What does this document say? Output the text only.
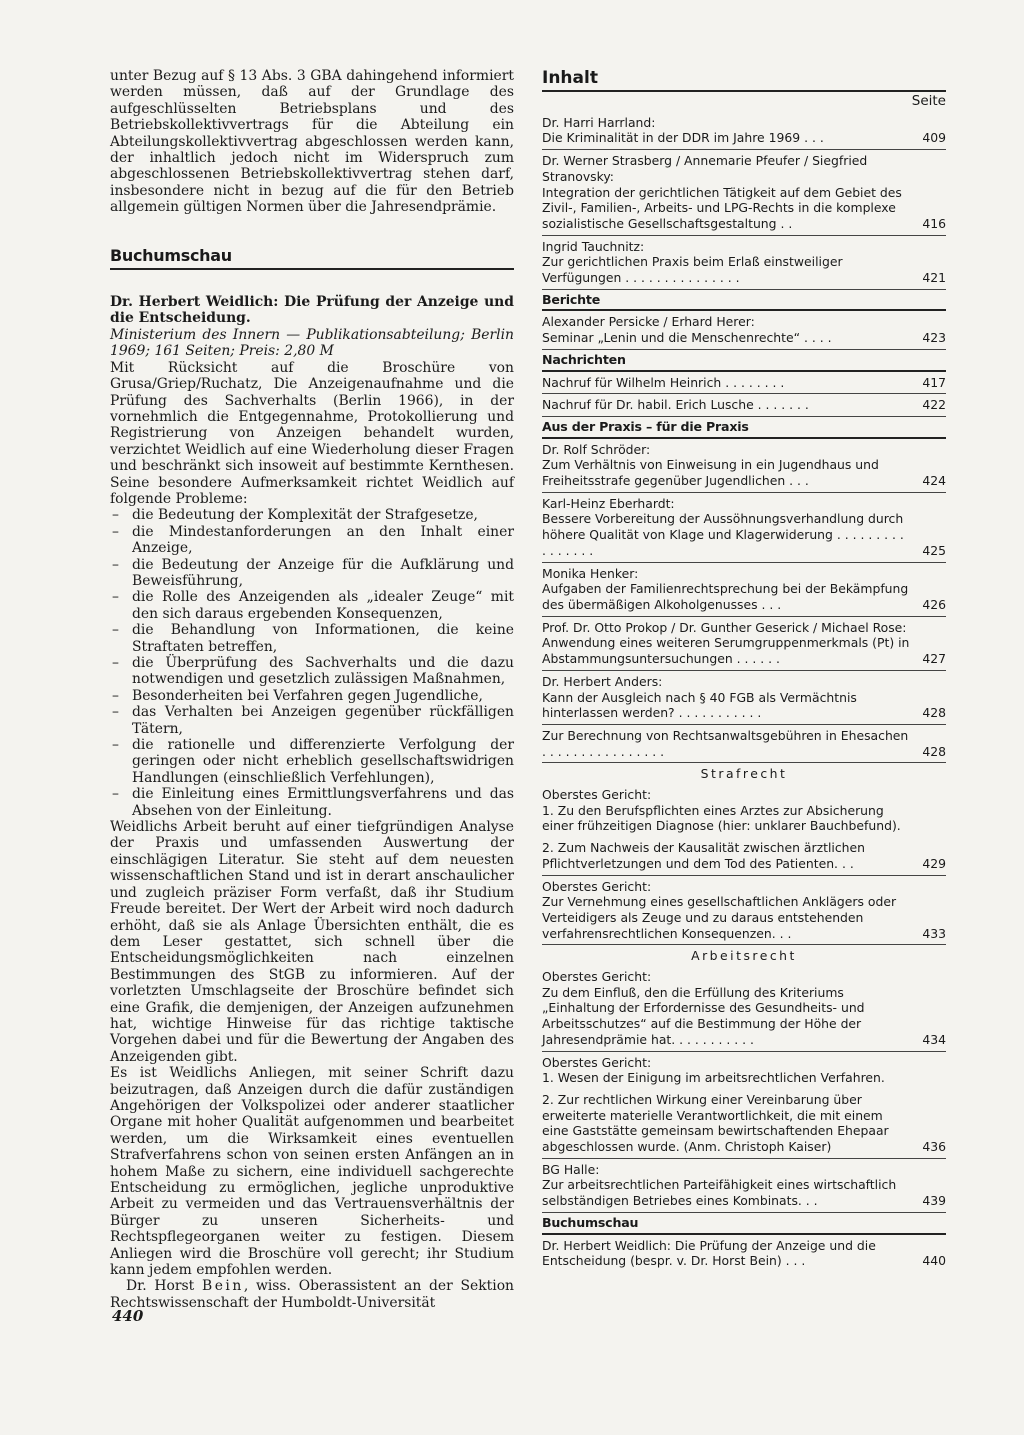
unter Bezug auf § 13 Abs. 3 GBA dahingehend informiert werden müssen, daß auf der Grundlage des aufgeschlüsselten Betriebsplans und des Betriebskollektivvertrags für die Abteilung ein Abteilungskollektivvertrag abgeschlossen werden kann, der inhaltlich jedoch nicht im Widerspruch zum abgeschlossenen Betriebskollektivvertrag stehen darf, insbesondere nicht in bezug auf die für den Betrieb allgemein gültigen Normen über die Jahresendprämie.

Buchumschau

Dr. Herbert Weidlich: Die Prüfung der Anzeige und die Entscheidung.

Ministerium des Innern — Publikationsabteilung; Berlin 1969; 161 Seiten; Preis: 2,80 M

Mit Rücksicht auf die Broschüre von Grusa/Griep/Ruchatz, Die Anzeigenaufnahme und die Prüfung des Sachverhalts (Berlin 1966), in der vornehmlich die Entgegennahme, Protokollierung und Registrierung von Anzeigen behandelt wurden, verzichtet Weidlich auf eine Wiederholung dieser Fragen und beschränkt sich insoweit auf bestimmte Kernthesen. Seine besondere Aufmerksamkeit richtet Weidlich auf folgende Probleme:

– die Bedeutung der Komplexität der Strafgesetze,
– die Mindestanforderungen an den Inhalt einer Anzeige,
– die Bedeutung der Anzeige für die Aufklärung und Beweisführung,
– die Rolle des Anzeigenden als „idealer Zeuge“ mit den sich daraus ergebenden Konsequenzen,
– die Behandlung von Informationen, die keine Straftaten betreffen,
– die Überprüfung des Sachverhalts und die dazu notwendigen und gesetzlich zulässigen Maßnahmen,
– Besonderheiten bei Verfahren gegen Jugendliche,
– das Verhalten bei Anzeigen gegenüber rückfälligen Tätern,
– die rationelle und differenzierte Verfolgung der geringen oder nicht erheblich gesellschaftswidrigen Handlungen (einschließlich Verfehlungen),
– die Einleitung eines Ermittlungsverfahrens und das Absehen von der Einleitung.

Weidlichs Arbeit beruht auf einer tiefgründigen Analyse der Praxis und umfassenden Auswertung der einschlägigen Literatur. Sie steht auf dem neuesten wissenschaftlichen Stand und ist in derart anschaulicher und zugleich präziser Form verfaßt, daß ihr Studium Freude bereitet. Der Wert der Arbeit wird noch dadurch erhöht, daß sie als Anlage Übersichten enthält, die es dem Leser gestattet, sich schnell über die Entscheidungsmöglichkeiten nach einzelnen Bestimmungen des StGB zu informieren. Auf der vorletzten Umschlagseite der Broschüre befindet sich eine Grafik, die demjenigen, der Anzeigen aufzunehmen hat, wichtige Hinweise für das richtige taktische Vorgehen dabei und für die Bewertung der Angaben des Anzeigenden gibt.

Es ist Weidlichs Anliegen, mit seiner Schrift dazu beizutragen, daß Anzeigen durch die dafür zuständigen Angehörigen der Volkspolizei oder anderer staatlicher Organe mit hoher Qualität aufgenommen und bearbeitet werden, um die Wirksamkeit eines eventuellen Strafverfahrens schon von seinen ersten Anfängen an in hohem Maße zu sichern, eine individuell sachgerechte Entscheidung zu ermöglichen, jegliche unproduktive Arbeit zu vermeiden und das Vertrauensverhältnis der Bürger zu unseren Sicherheits- und Rechtspflegeorganen weiter zu festigen. Diesem Anliegen wird die Broschüre voll gerecht; ihr Studium kann jedem empfohlen werden.

Dr. Horst Bein, wiss. Oberassistent an der Sektion Rechtswissenschaft der Humboldt-Universität

440
Inhalt
Seite
Dr. Harri Harrland:
Die Kriminalität in der DDR im Jahre 1969 . . .	409
Dr. Werner Strasberg / Annemarie Pfeufer / Siegfried Stranovsky:
Integration der gerichtlichen Tätigkeit auf dem Gebiet des Zivil-, Familien-, Arbeits- und LPG-Rechts in die komplexe sozialistische Gesellschaftsgestaltung . .	416
Ingrid Tauchnitz:
Zur gerichtlichen Praxis beim Erlaß einstweiliger Verfügungen . . . . . . . . . . . . . . .	421
Berichte
Alexander Persicke / Erhard Herer:
Seminar „Lenin und die Menschenrechte“ . . . .	423
Nachrichten
Nachruf für Wilhelm Heinrich . . . . . . . .	417
Nachruf für Dr. habil. Erich Lusche . . . . . . .	422
Aus der Praxis – für die Praxis
Dr. Rolf Schröder:
Zum Verhältnis von Einweisung in ein Jugendhaus und Freiheitsstrafe gegenüber Jugendlichen . . .	424
Karl-Heinz Eberhardt:
Bessere Vorbereitung der Aussöhnungsverhandlung durch höhere Qualität von Klage und Klagerwiderung . . . . . . . . . . . . . . . .	425
Monika Henker:
Aufgaben der Familienrechtsprechung bei der Bekämpfung des übermäßigen Alkoholgenusses . . .	426
Prof. Dr. Otto Prokop / Dr. Gunther Geserick / Michael Rose:
Anwendung eines weiteren Serumgruppenmerkmals (Pt) in Abstammungsuntersuchungen . . . . . .	427
Dr. Herbert Anders:
Kann der Ausgleich nach § 40 FGB als Vermächtnis hinterlassen werden? . . . . . . . . . . .	428
Zur Berechnung von Rechtsanwaltsgebühren in Ehesachen . . . . . . . . . . . . . . . .	428
Strafrecht
Oberstes Gericht:
1. Zu den Berufspflichten eines Arztes zur Absicherung einer frühzeitigen Diagnose (hier: unklarer Bauchbefund).
2. Zum Nachweis der Kausalität zwischen ärztlichen Pflichtverletzungen und dem Tod des Patienten. . .	429
Oberstes Gericht:
Zur Vernehmung eines gesellschaftlichen Anklägers oder Verteidigers als Zeuge und zu daraus entstehenden verfahrensrechtlichen Konsequenzen. . .	433
Arbeitsrecht
Oberstes Gericht:
Zu dem Einfluß, den die Erfüllung des Kriteriums „Einhaltung der Erfordernisse des Gesundheits- und Arbeitsschutzes“ auf die Bestimmung der Höhe der Jahresendprämie hat. . . . . . . . . . .	434
Oberstes Gericht:
1. Wesen der Einigung im arbeitsrechtlichen Verfahren.
2. Zur rechtlichen Wirkung einer Vereinbarung über erweiterte materielle Verantwortlichkeit, die mit einem eine Gaststätte gemeinsam bewirtschaftenden Ehepaar abgeschlossen wurde. (Anm. Christoph Kaiser)	436
BG Halle:
Zur arbeitsrechtlichen Parteifähigkeit eines wirtschaftlich selbständigen Betriebes eines Kombinats. . .	439
Buchumschau
Dr. Herbert Weidlich: Die Prüfung der Anzeige und die Entscheidung (bespr. v. Dr. Horst Bein) . . .	440
